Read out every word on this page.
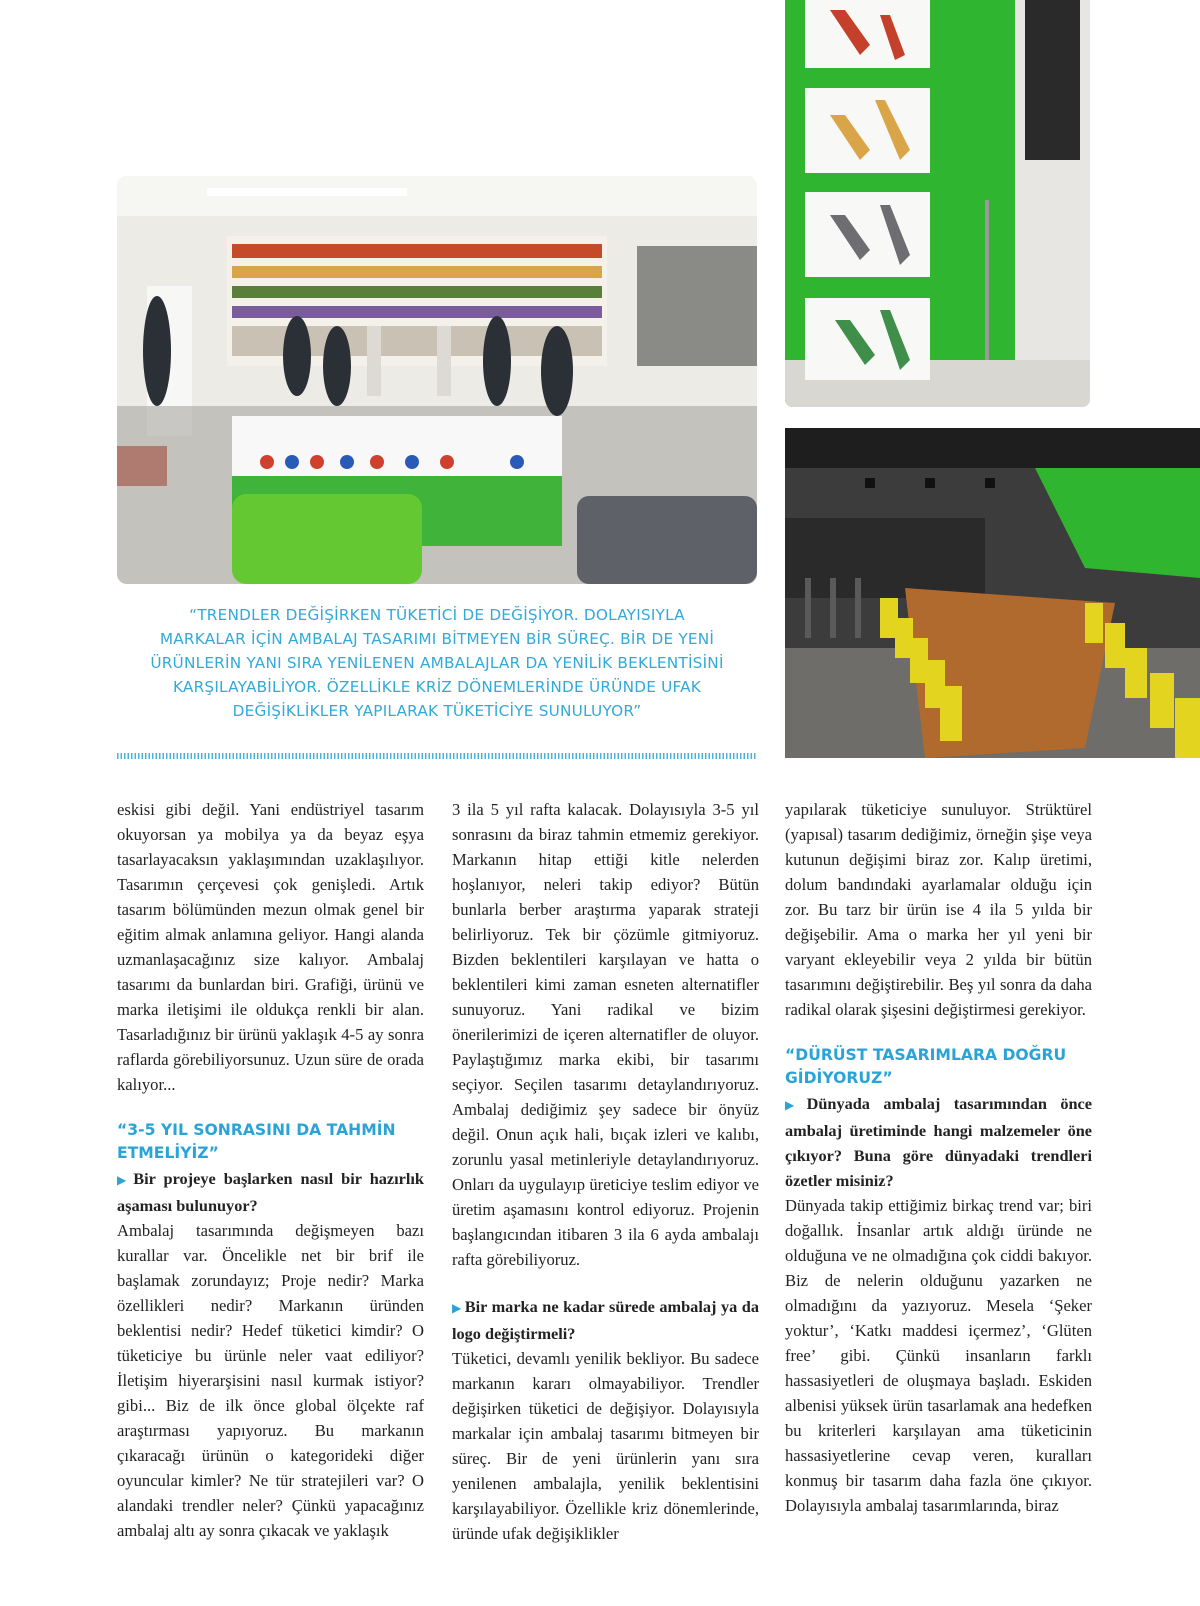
“TRENDLER DEĞİŞİRKEN TÜKETİCİ DE DEĞİŞİYOR. DOLAYISIYLA
MARKALAR İÇİN AMBALAJ TASARIMI BİTMEYEN BİR SÜREÇ. BİR DE YENİ
ÜRÜNLERİN YANI SIRA YENİLENEN AMBALAJLAR DA YENİLİK BEKLENTİSİNİ
KARŞILAYABİLİYOR. ÖZELLİKLE KRİZ DÖNEMLERİNDE ÜRÜNDE UFAK
DEĞİŞİKLİKLER YAPILARAK TÜKETİCİYE SUNULUYOR”

eskisi gibi değil. Yani endüstriyel tasarım okuyorsan ya mobilya ya da beyaz eşya tasarlayacaksın yaklaşımından uzaklaşılıyor. Tasarımın çerçevesi çok genişledi. Artık tasarım bölümünden mezun olmak genel bir eğitim almak anlamına geliyor. Hangi alanda uzmanlaşacağınız size kalıyor. Ambalaj tasarımı da bunlardan biri. Grafiği, ürünü ve marka iletişimi ile oldukça renkli bir alan. Tasarladığınız bir ürünü yaklaşık 4-5 ay sonra raflarda görebiliyorsunuz. Uzun süre de orada kalıyor...

“3-5 YIL SONRASINI DA TAHMİN ETMELİYİZ”

▶ Bir projeye başlarken nasıl bir hazırlık aşaması bulunuyor?

Ambalaj tasarımında değişmeyen bazı kurallar var. Öncelikle net bir brif ile başlamak zorundayız; Proje nedir? Marka özellikleri nedir? Markanın üründen beklentisi nedir? Hedef tüketici kimdir? O tüketiciye bu ürünle neler vaat ediliyor? İletişim hiyerarşisini nasıl kurmak istiyor? gibi... Biz de ilk önce global ölçekte raf araştırması yapıyoruz. Bu markanın çıkaracağı ürünün o kategorideki diğer oyuncular kimler? Ne tür stratejileri var? O alandaki trendler neler? Çünkü yapacağınız ambalaj altı ay sonra çıkacak ve yaklaşık

3 ila 5 yıl rafta kalacak. Dolayısıyla 3-5 yıl sonrasını da biraz tahmin etmemiz gerekiyor. Markanın hitap ettiği kitle nelerden hoşlanıyor, neleri takip ediyor? Bütün bunlarla berber araştırma yaparak strateji belirliyoruz. Tek bir çözümle gitmiyoruz. Bizden beklentileri karşılayan ve hatta o beklentileri kimi zaman esneten alternatifler sunuyoruz. Yani radikal ve bizim önerilerimizi de içeren alternatifler de oluyor. Paylaştığımız marka ekibi, bir tasarımı seçiyor. Seçilen tasarımı detaylandırıyoruz. Ambalaj dediğimiz şey sadece bir önyüz değil. Onun açık hali, bıçak izleri ve kalıbı, zorunlu yasal metinleriyle detaylandırıyoruz. Onları da uygulayıp üreticiye teslim ediyor ve üretim aşamasını kontrol ediyoruz. Projenin başlangıcından itibaren 3 ila 6 ayda ambalajı rafta görebiliyoruz.

▶ Bir marka ne kadar sürede ambalaj ya da logo değiştirmeli?

Tüketici, devamlı yenilik bekliyor. Bu sadece markanın kararı olmayabiliyor. Trendler değişirken tüketici de değişiyor. Dolayısıyla markalar için ambalaj tasarımı bitmeyen bir süreç. Bir de yeni ürünlerin yanı sıra yenilenen ambalajla, yenilik beklentisini karşılayabiliyor. Özellikle kriz dönemlerinde, üründe ufak değişiklikler

yapılarak tüketiciye sunuluyor. Strüktürel (yapısal) tasarım dediğimiz, örneğin şişe veya kutunun değişimi biraz zor. Kalıp üretimi, dolum bandındaki ayarlamalar olduğu için zor. Bu tarz bir ürün ise 4 ila 5 yılda bir değişebilir. Ama o marka her yıl yeni bir varyant ekleyebilir veya 2 yılda bir bütün tasarımını değiştirebilir. Beş yıl sonra da daha radikal olarak şişesini değiştirmesi gerekiyor.

“DÜRÜST TASARIMLARA DOĞRU GİDİYORUZ”

▶ Dünyada ambalaj tasarımından önce ambalaj üretiminde hangi malzemeler öne çıkıyor? Buna göre dünyadaki trendleri özetler misiniz?

Dünyada takip ettiğimiz birkaç trend var; biri doğallık. İnsanlar artık aldığı üründe ne olduğuna ve ne olmadığına çok ciddi bakıyor. Biz de nelerin olduğunu yazarken ne olmadığını da yazıyoruz. Mesela ‘Şeker yoktur’, ‘Katkı maddesi içermez’, ‘Glüten free’ gibi. Çünkü insanların farklı hassasiyetleri de oluşmaya başladı. Eskiden albenisi yüksek ürün tasarlamak ana hedefken bu kriterleri karşılayan ama tüketicinin hassasiyetlerine cevap veren, kuralları konmuş bir tasarım daha fazla öne çıkıyor. Dolayısıyla ambalaj tasarımlarında, biraz
